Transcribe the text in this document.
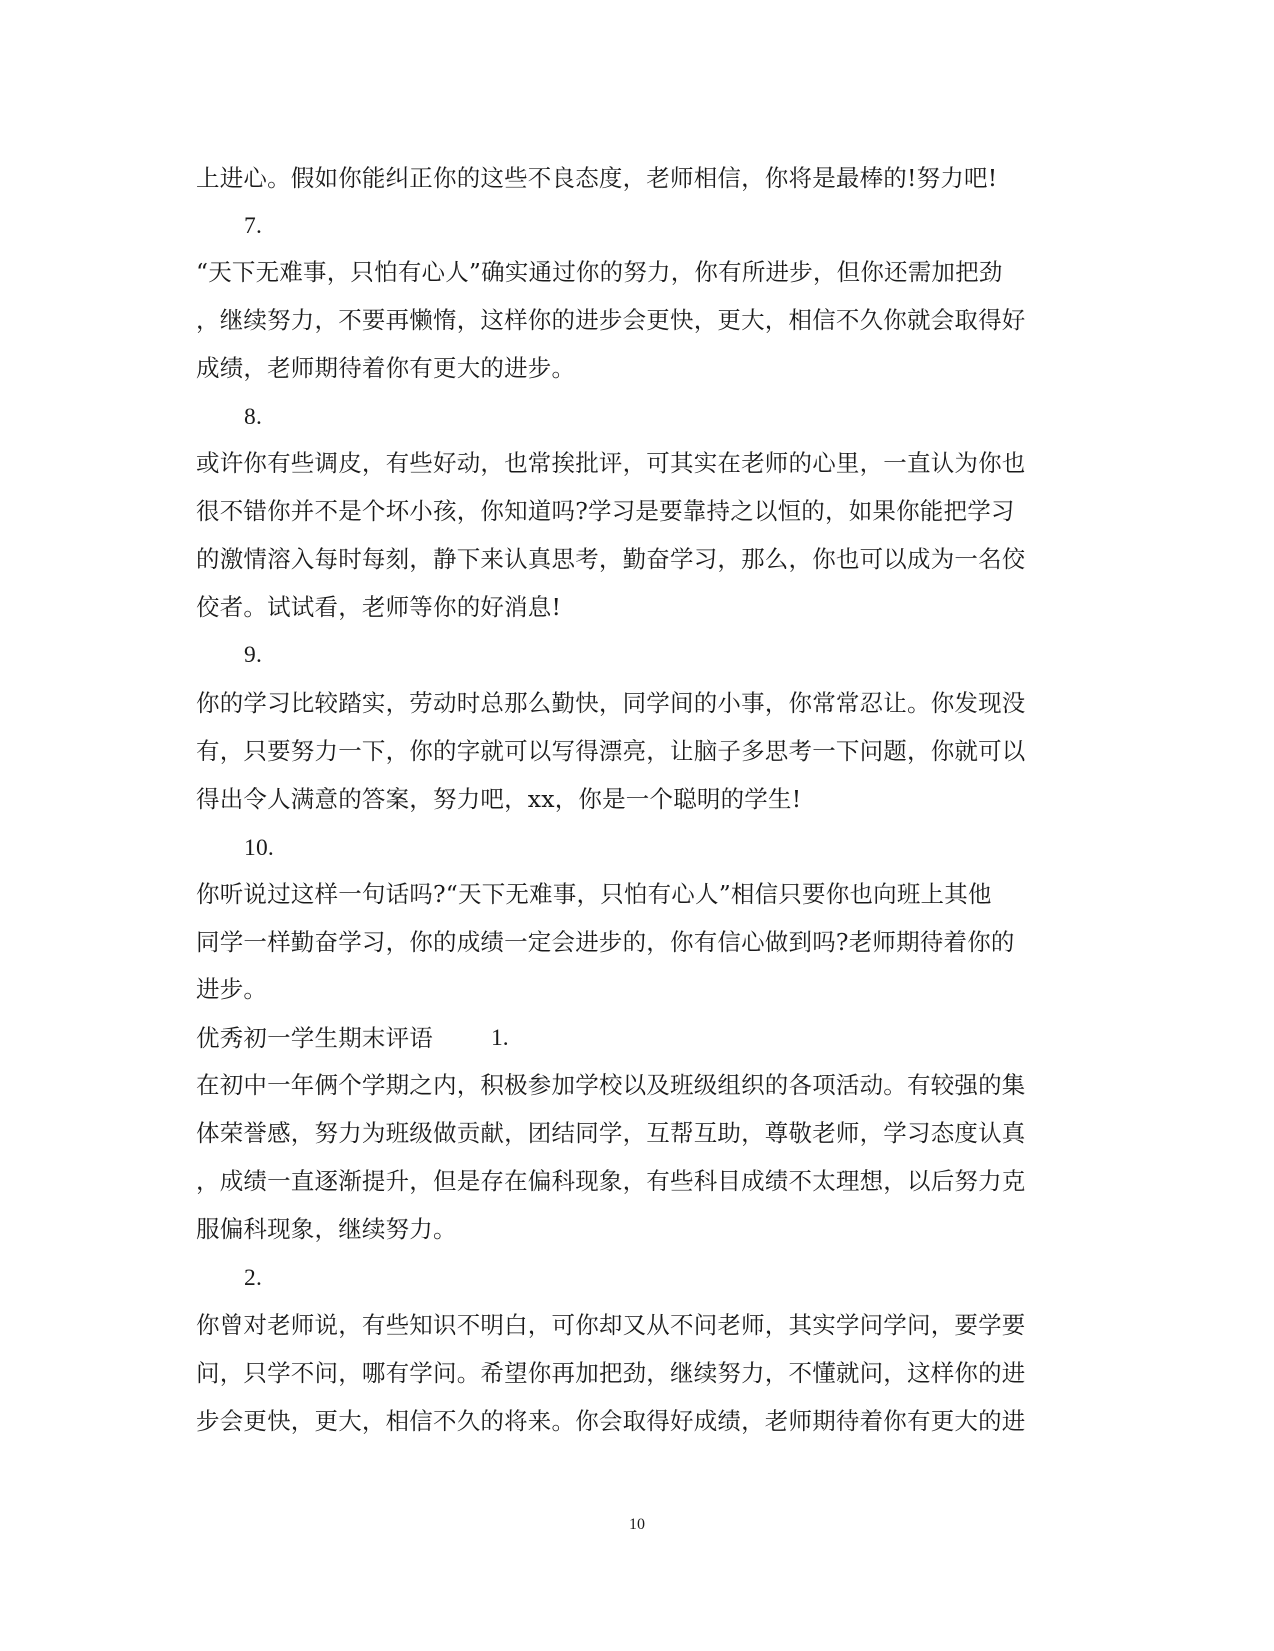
上进心。假如你能纠正你的这些不良态度，老师相信，你将是最棒的!努力吧!
7.
“天下无难事，只怕有心人”确实通过你的努力，你有所进步，但你还需加把劲
，继续努力，不要再懒惰，这样你的进步会更快，更大，相信不久你就会取得好
成绩，老师期待着你有更大的进步。
8.
或许你有些调皮，有些好动，也常挨批评，可其实在老师的心里，一直认为你也
很不错你并不是个坏小孩，你知道吗?学习是要靠持之以恒的，如果你能把学习
的激情溶入每时每刻，静下来认真思考，勤奋学习，那么，你也可以成为一名佼
佼者。试试看，老师等你的好消息!
9.
你的学习比较踏实，劳动时总那么勤快，同学间的小事，你常常忍让。你发现没
有，只要努力一下，你的字就可以写得漂亮，让脑子多思考一下问题，你就可以
得出令人满意的答案，努力吧，xx，你是一个聪明的学生!
10.
你听说过这样一句话吗?“天下无难事，只怕有心人”相信只要你也向班上其他
同学一样勤奋学习，你的成绩一定会进步的，你有信心做到吗?老师期待着你的
进步。
优秀初一学生期末评语 1.
在初中一年俩个学期之内，积极参加学校以及班级组织的各项活动。有较强的集
体荣誉感，努力为班级做贡献，团结同学，互帮互助，尊敬老师，学习态度认真
，成绩一直逐渐提升，但是存在偏科现象，有些科目成绩不太理想，以后努力克
服偏科现象，继续努力。
2.
你曾对老师说，有些知识不明白，可你却又从不问老师，其实学问学问，要学要
问，只学不问，哪有学问。希望你再加把劲，继续努力，不懂就问，这样你的进
步会更快，更大，相信不久的将来。你会取得好成绩，老师期待着你有更大的进
10
